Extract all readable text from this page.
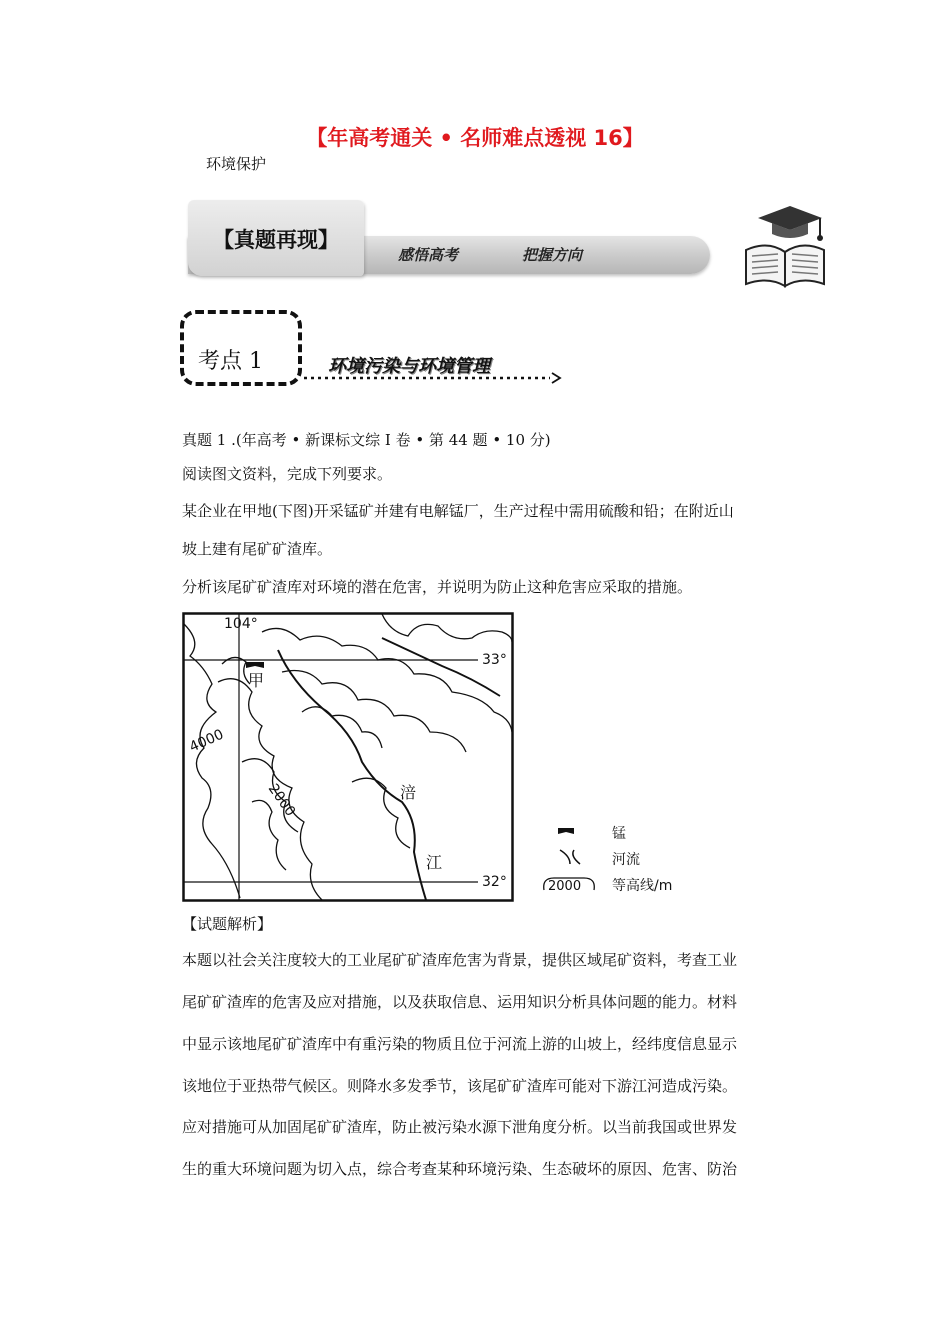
【年高考通关 • 名师难点透视 16】
环境保护
【真题再现】
感悟高考	把握方向
考点 1	环境污染与环境管理
真题 1 .(年高考 • 新课标文综 I 卷 • 第 44 题 • 10 分)
阅读图文资料，完成下列要求。
某企业在甲地(下图)开采锰矿并建有电解锰厂，生产过程中需用硫酸和铅；在附近山
坡上建有尾矿矿渣库。
分析该尾矿矿渣库对环境的潜在危害，并说明为防止这种危害应采取的措施。
104°
33°
32°
甲
4000
2000	涪
江
锰
河流
2000 等高线/m
【试题解析】
本题以社会关注度较大的工业尾矿矿渣库危害为背景，提供区域尾矿资料，考查工业
尾矿矿渣库的危害及应对措施，以及获取信息、运用知识分析具体问题的能力。材料
中显示该地尾矿矿渣库中有重污染的物质且位于河流上游的山坡上，经纬度信息显示
该地位于亚热带气候区。则降水多发季节，该尾矿矿渣库可能对下游江河造成污染。
应对措施可从加固尾矿矿渣库，防止被污染水源下泄角度分析。以当前我国或世界发
生的重大环境问题为切入点，综合考查某种环境污染、生态破坏的原因、危害、防治
